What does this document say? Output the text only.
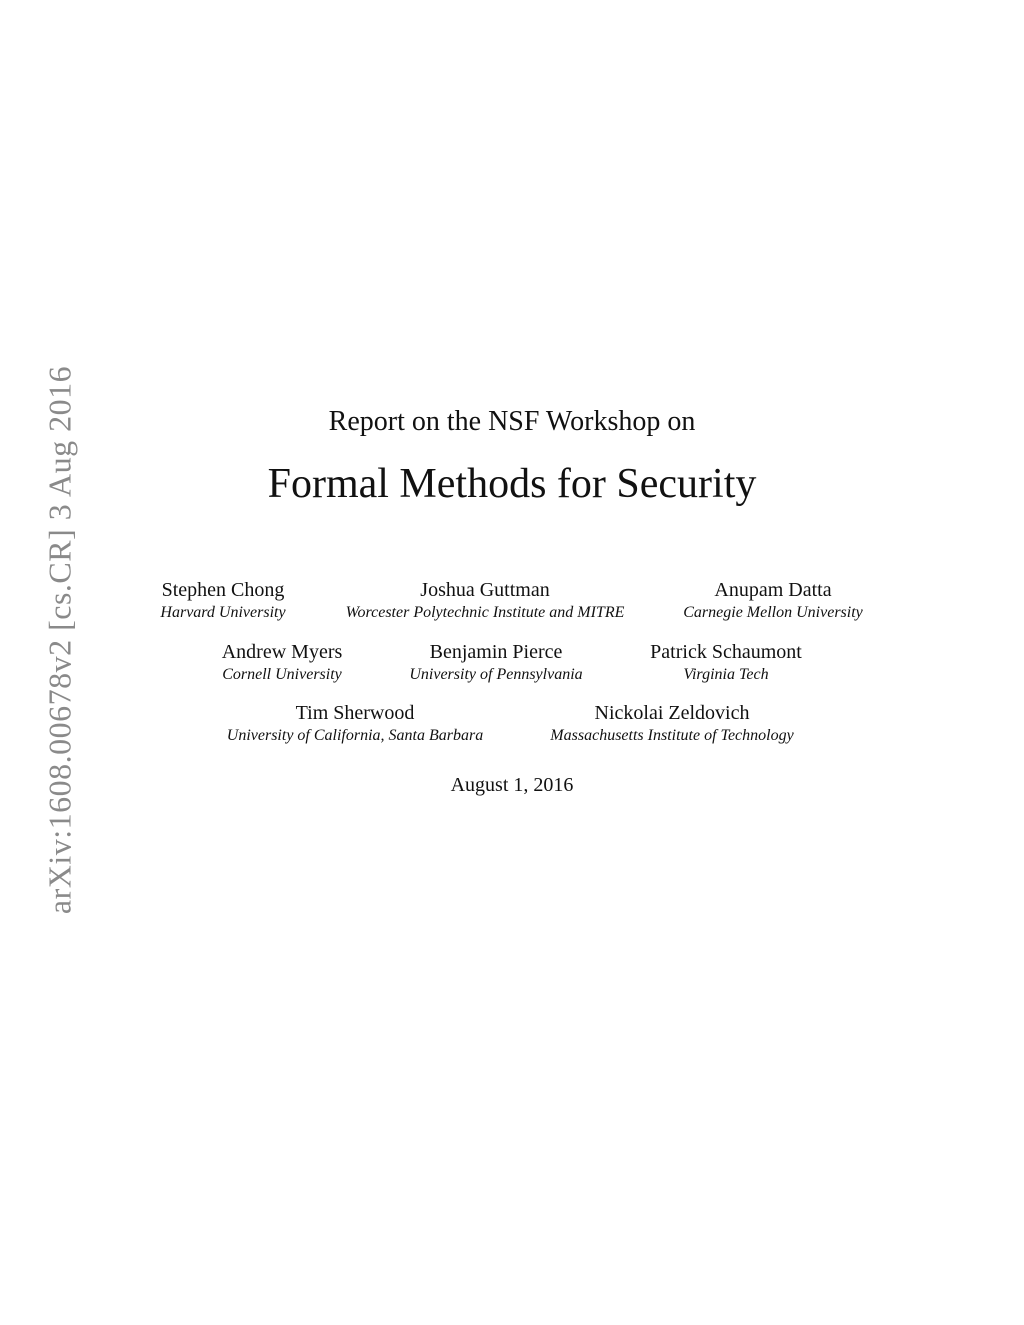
arXiv:1608.00678v2 [cs.CR] 3 Aug 2016	Report on the NSF Workshop on
Formal Methods for Security
Stephen Chong
Harvard University
Joshua Guttman
Worcester Polytechnic Institute and MITRE
Anupam Datta
Carnegie Mellon University
Andrew Myers
Cornell University
Benjamin Pierce
University of Pennsylvania
Patrick Schaumont
Virginia Tech
Tim Sherwood
University of California, Santa Barbara
Nickolai Zeldovich
Massachusetts Institute of Technology
August 1, 2016
